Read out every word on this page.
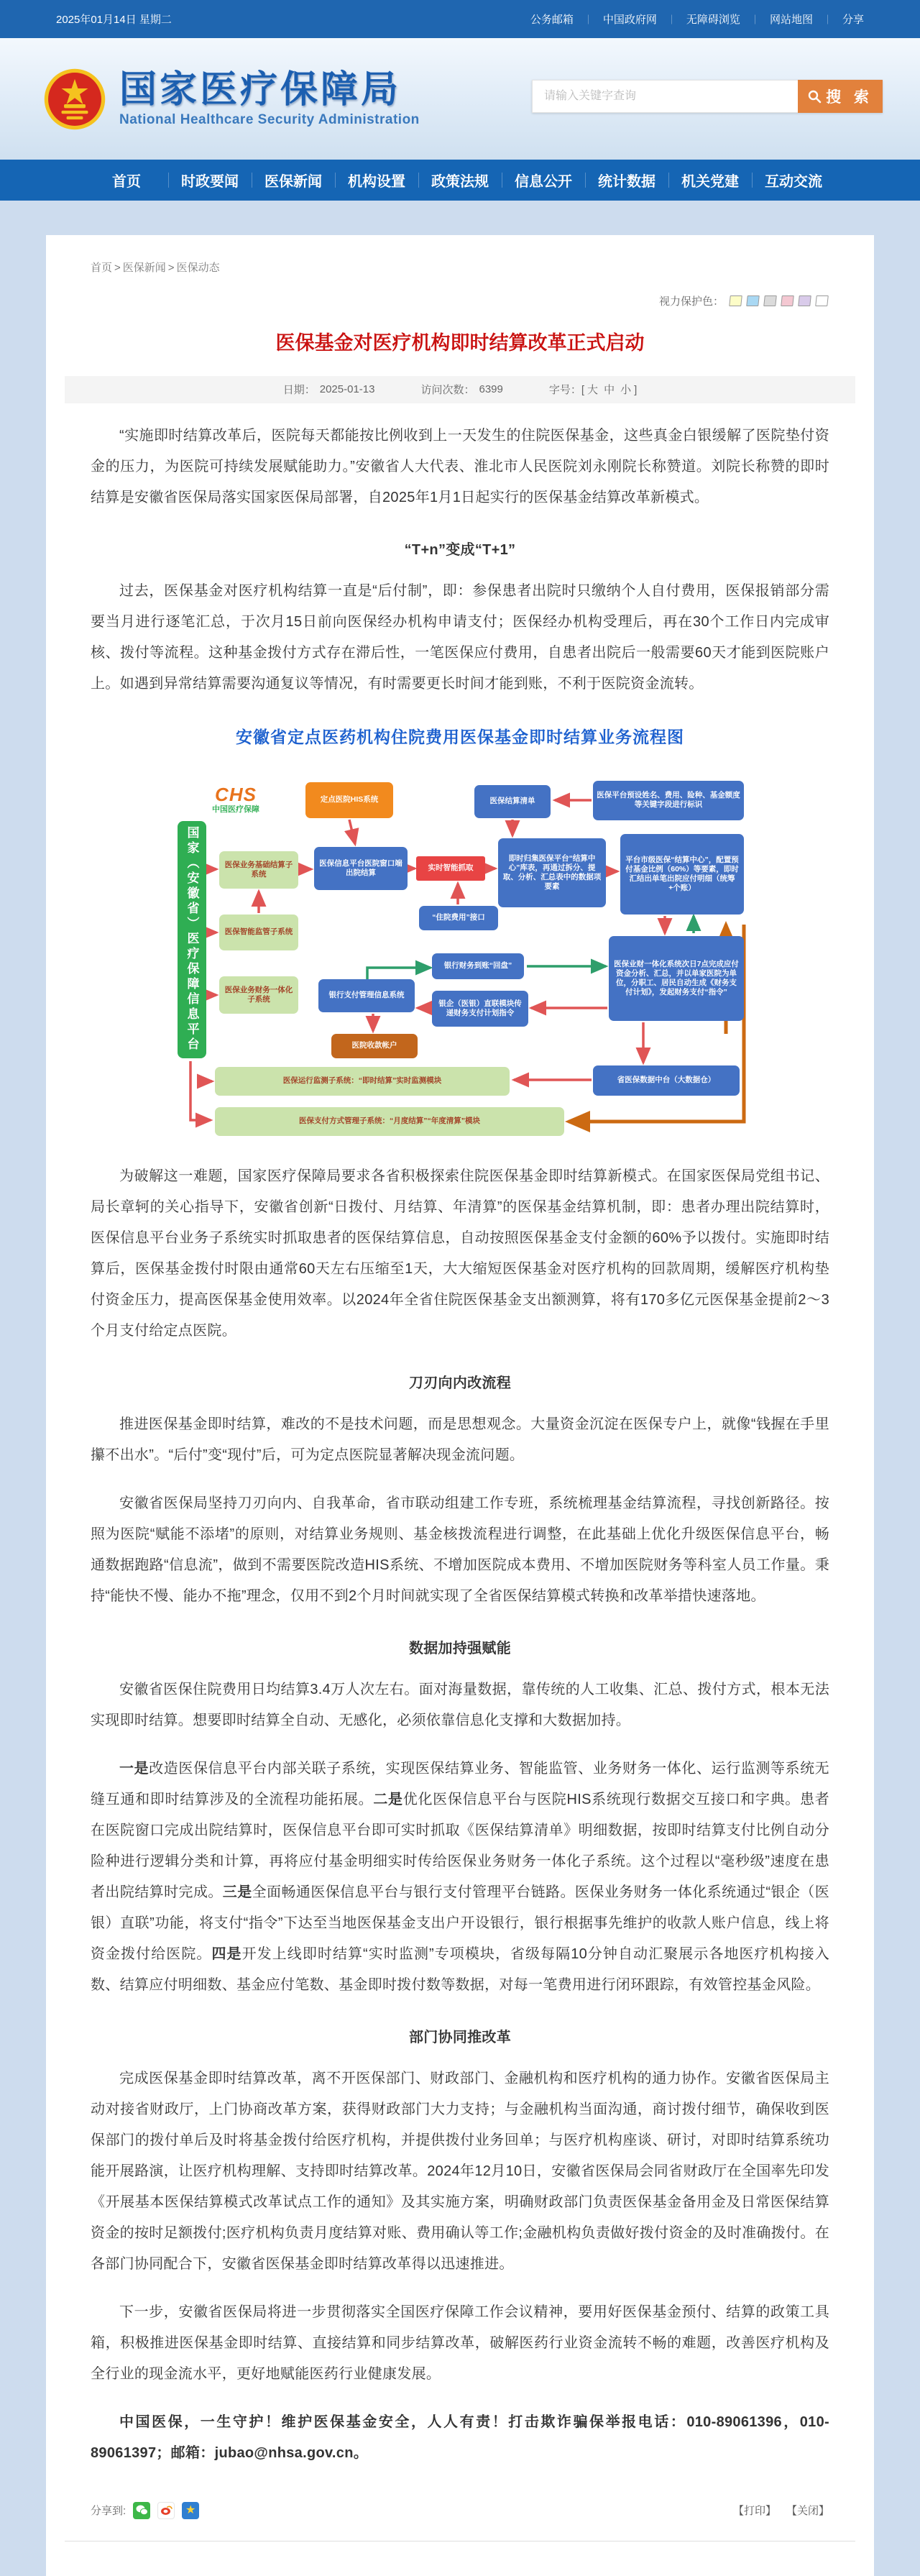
2025年01月14日 星期二	公务邮箱 ｜ 中国政府网 ｜ 无障碍浏览 ｜ 网站地图 ｜ 分享
国家医疗保障局
National Healthcare Security Administration
请输入关键字查询
搜 索
首页	时政要闻	医保新闻	机构设置	政策法规	信息公开	统计数据	机关党建	互动交流
首页 > 医保新闻 > 医保动态
视力保护色：
医保基金对医疗机构即时结算改革正式启动
日期： 2025-01-13	访问次数： 6399	字号：[ 大 中 小 ]

“实施即时结算改革后，医院每天都能按比例收到上一天发生的住院医保基金，这些真金白银缓解了医院垫付资金的压力，为医院可持续发展赋能助力。”安徽省人大代表、淮北市人民医院刘永刚院长称赞道。刘院长称赞的即时结算是安徽省医保局落实国家医保局部署，自2025年1月1日起实行的医保基金结算改革新模式。

“T+n”变成“T+1”

过去，医保基金对医疗机构结算一直是“后付制”，即：参保患者出院时只缴纳个人自付费用，医保报销部分需要当月进行逐笔汇总，于次月15日前向医保经办机构申请支付；医保经办机构受理后，再在30个工作日内完成审核、拨付等流程。这种基金拨付方式存在滞后性，一笔医保应付费用，自患者出院后一般需要60天才能到医院账户上。如遇到异常结算需要沟通复议等情况，有时需要更长时间才能到账，不利于医院资金流转。

安徽省定点医药机构住院费用医保基金即时结算业务流程图
CHS
中国医疗保障
国家（安徽省）医疗保障信息平台
定点医院HIS系统	医保结算清单
医保平台预设姓名、费用、险种、基金额度等关键字段进行标识
医保业务基础结算子系统
医保信息平台医院窗口端出院结算
实时智能抓取
即时归集医保平台“结算中心”库表，再通过拆分、提取、分析、汇总表中的数据项要素
平台市级医保“结算中心”，配置预付基金比例（60%）等要素，即时汇结出单笔出院应付明细（统筹+个账）
“住院费用”接口
医保智能监管子系统
银行财务到账“回盘”	医保业财一体化系统次日7点完成应付资金分析、汇总，并以单家医院为单位，分职工、居民自动生成《财务支付计划》，发起财务支付“指令”
医保业务财务一体化子系统	银行支付管理信息系统
银企（医银）直联模块传递财务支付计划指令
医院收款帐户
医保运行监测子系统：“即时结算”实时监测模块	省医保数据中台（大数据仓）
医保支付方式管理子系统：“月度结算”“年度清算”模块

为破解这一难题，国家医疗保障局要求各省积极探索住院医保基金即时结算新模式。在国家医保局党组书记、局长章轲的关心指导下，安徽省创新“日拨付、月结算、年清算”的医保基金结算机制，即：患者办理出院结算时，医保信息平台业务子系统实时抓取患者的医保结算信息，自动按照医保基金支付金额的60%予以拨付。实施即时结算后，医保基金拨付时限由通常60天左右压缩至1天，大大缩短医保基金对医疗机构的回款周期，缓解医疗机构垫付资金压力，提高医保基金使用效率。以2024年全省住院医保基金支出额测算，将有170多亿元医保基金提前2～3个月支付给定点医院。

刀刃向内改流程

推进医保基金即时结算，难改的不是技术问题，而是思想观念。大量资金沉淀在医保专户上，就像“钱握在手里攥不出水”。“后付”变“现付”后，可为定点医院显著解决现金流问题。

安徽省医保局坚持刀刃向内、自我革命，省市联动组建工作专班，系统梳理基金结算流程，寻找创新路径。按照为医院“赋能不添堵”的原则，对结算业务规则、基金核拨流程进行调整，在此基础上优化升级医保信息平台，畅通数据跑路“信息流”，做到不需要医院改造HIS系统、不增加医院成本费用、不增加医院财务等科室人员工作量。秉持“能快不慢、能办不拖”理念，仅用不到2个月时间就实现了全省医保结算模式转换和改革举措快速落地。

数据加持强赋能

安徽省医保住院费用日均结算3.4万人次左右。面对海量数据，靠传统的人工收集、汇总、拨付方式，根本无法实现即时结算。想要即时结算全自动、无感化，必须依靠信息化支撑和大数据加持。

一是改造医保信息平台内部关联子系统，实现医保结算业务、智能监管、业务财务一体化、运行监测等系统无缝互通和即时结算涉及的全流程功能拓展。二是优化医保信息平台与医院HIS系统现行数据交互接口和字典。患者在医院窗口完成出院结算时，医保信息平台即可实时抓取《医保结算清单》明细数据，按即时结算支付比例自动分险种进行逻辑分类和计算，再将应付基金明细实时传给医保业务财务一体化子系统。这个过程以“毫秒级”速度在患者出院结算时完成。三是全面畅通医保信息平台与银行支付管理平台链路。医保业务财务一体化系统通过“银企（医银）直联”功能，将支付“指令”下达至当地医保基金支出户开设银行，银行根据事先维护的收款人账户信息，线上将资金拨付给医院。四是开发上线即时结算“实时监测”专项模块，省级每隔10分钟自动汇聚展示各地医疗机构接入数、结算应付明细数、基金应付笔数、基金即时拨付数等数据，对每一笔费用进行闭环跟踪，有效管控基金风险。

部门协同推改革

完成医保基金即时结算改革，离不开医保部门、财政部门、金融机构和医疗机构的通力协作。安徽省医保局主动对接省财政厅，上门协商改革方案，获得财政部门大力支持；与金融机构当面沟通，商讨拨付细节，确保收到医保部门的拨付单后及时将基金拨付给医疗机构，并提供拨付业务回单；与医疗机构座谈、研讨，对即时结算系统功能开展路演，让医疗机构理解、支持即时结算改革。2024年12月10日，安徽省医保局会同省财政厅在全国率先印发《开展基本医保结算模式改革试点工作的通知》及其实施方案，明确财政部门负责医保基金备用金及日常医保结算资金的按时足额拨付;医疗机构负责月度结算对账、费用确认等工作;金融机构负责做好拨付资金的及时准确拨付。在各部门协同配合下，安徽省医保基金即时结算改革得以迅速推进。

下一步，安徽省医保局将进一步贯彻落实全国医疗保障工作会议精神，要用好医保基金预付、结算的政策工具箱，积极推进医保基金即时结算、直接结算和同步结算改革，破解医药行业资金流转不畅的难题，改善医疗机构及全行业的现金流水平，更好地赋能医药行业健康发展。

中国医保，一生守护！维护医保基金安全，人人有责！打击欺诈骗保举报电话：010-89061396，010-89061397；邮箱：jubao@nhsa.gov.cn。

分享到:	★	【打印】 【关闭】
